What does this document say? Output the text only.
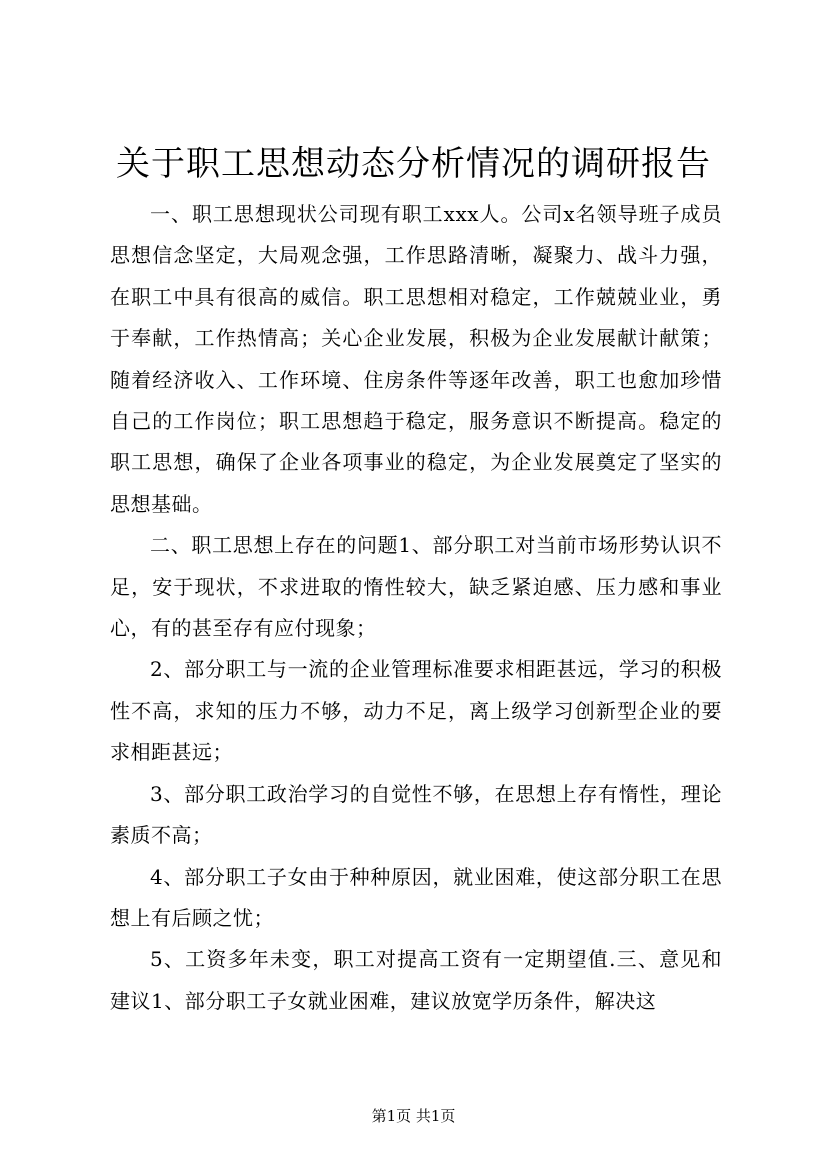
关于职工思想动态分析情况的调研报告

一、职工思想现状公司现有职工xxx人。公司x名领导班子成员思想信念坚定，大局观念强，工作思路清晰，凝聚力、战斗力强，在职工中具有很高的威信。职工思想相对稳定，工作兢兢业业，勇于奉献，工作热情高；关心企业发展，积极为企业发展献计献策；随着经济收入、工作环境、住房条件等逐年改善，职工也愈加珍惜自己的工作岗位；职工思想趋于稳定，服务意识不断提高。稳定的职工思想，确保了企业各项事业的稳定，为企业发展奠定了坚实的思想基础。

二、职工思想上存在的问题1、部分职工对当前市场形势认识不足，安于现状，不求进取的惰性较大，缺乏紧迫感、压力感和事业心，有的甚至存有应付现象；

2、部分职工与一流的企业管理标准要求相距甚远，学习的积极性不高，求知的压力不够，动力不足，离上级学习创新型企业的要求相距甚远；

3、部分职工政治学习的自觉性不够，在思想上存有惰性，理论素质不高；

4、部分职工子女由于种种原因，就业困难，使这部分职工在思想上有后顾之忧；

5、工资多年未变，职工对提高工资有一定期望值.三、意见和建议1、部分职工子女就业困难，建议放宽学历条件，解决这

第1页 共1页
